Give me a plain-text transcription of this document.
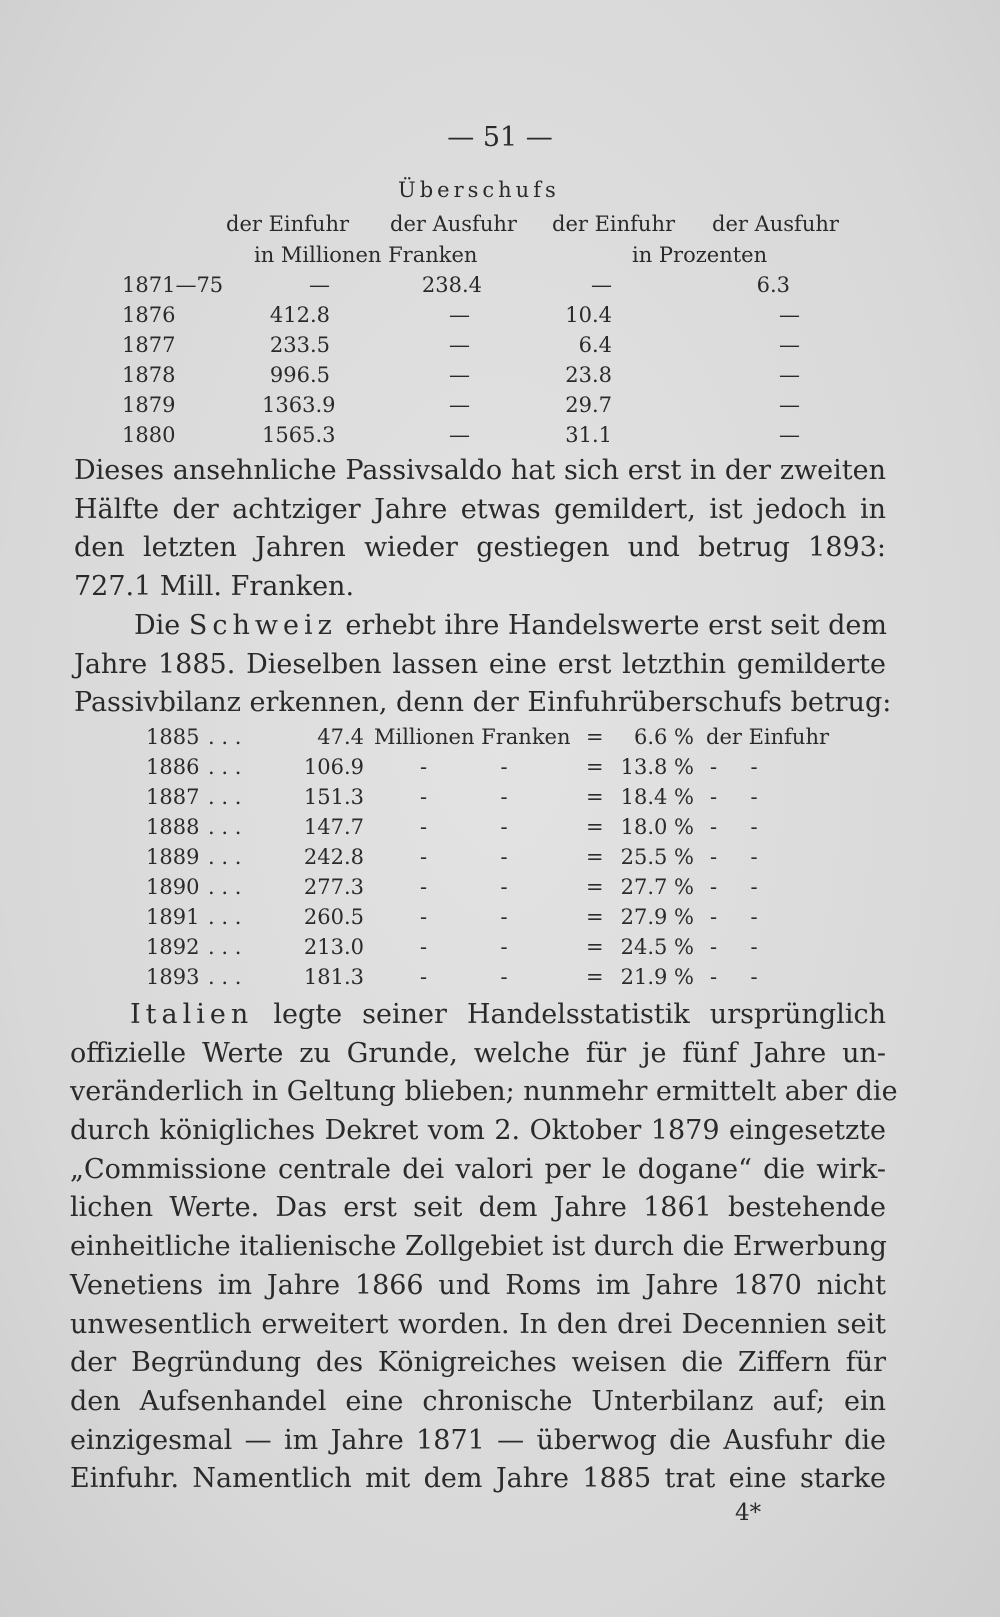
— 51 —
Überschufs
der Einfuhr der Ausfuhr der Einfuhr der Ausfuhr
in Millionen Franken	in Prozenten
1871—75	—	238.4	—	6.3
1876	412.8	—	10.4	—
1877	233.5	—	6.4	—
1878	996.5	—	23.8	—
1879	1363.9	—	29.7	—
1880	1565.3	—	31.1	—
Dieses ansehnliche Passivsaldo hat sich erst in der zweiten
Hälfte der achtziger Jahre etwas gemildert, ist jedoch in
den letzten Jahren wieder gestiegen und betrug 1893:
727.1 Mill. Franken.
Die Schweiz erhebt ihre Handelswerte erst seit dem
Jahre 1885. Dieselben lassen eine erst letzthin gemilderte
Passivbilanz erkennen, denn der Einfuhrüberschufs betrug:
1885 . . .	47.4 Millionen Franken =	6.6 % der Einfuhr
1886 . . .	106.9	-           -	= 13.8 % -     -
1887 . . .	151.3	-           -	= 18.4 % -     -
1888 . . .	147.7	-           -	= 18.0 % -     -
1889 . . .	242.8	-           -	= 25.5 % -     -
1890 . . .	277.3	-           -	= 27.7 % -     -
1891 . . .	260.5	-           -	= 27.9 % -     -
1892 . . .	213.0	-           -	= 24.5 % -     -
1893 . . .	181.3	-           -	= 21.9 % -     -
Italien legte seiner Handelsstatistik ursprünglich
offizielle Werte zu Grunde, welche für je fünf Jahre un-
veränderlich in Geltung blieben; nunmehr ermittelt aber die
durch königliches Dekret vom 2. Oktober 1879 eingesetzte
„Commissione centrale dei valori per le dogane“ die wirk-
lichen Werte. Das erst seit dem Jahre 1861 bestehende
einheitliche italienische Zollgebiet ist durch die Erwerbung
Venetiens im Jahre 1866 und Roms im Jahre 1870 nicht
unwesentlich erweitert worden. In den drei Decennien seit
der Begründung des Königreiches weisen die Ziffern für
den Aufsenhandel eine chronische Unterbilanz auf; ein
einzigesmal — im Jahre 1871 — überwog die Ausfuhr die
Einfuhr. Namentlich mit dem Jahre 1885 trat eine starke
4*
